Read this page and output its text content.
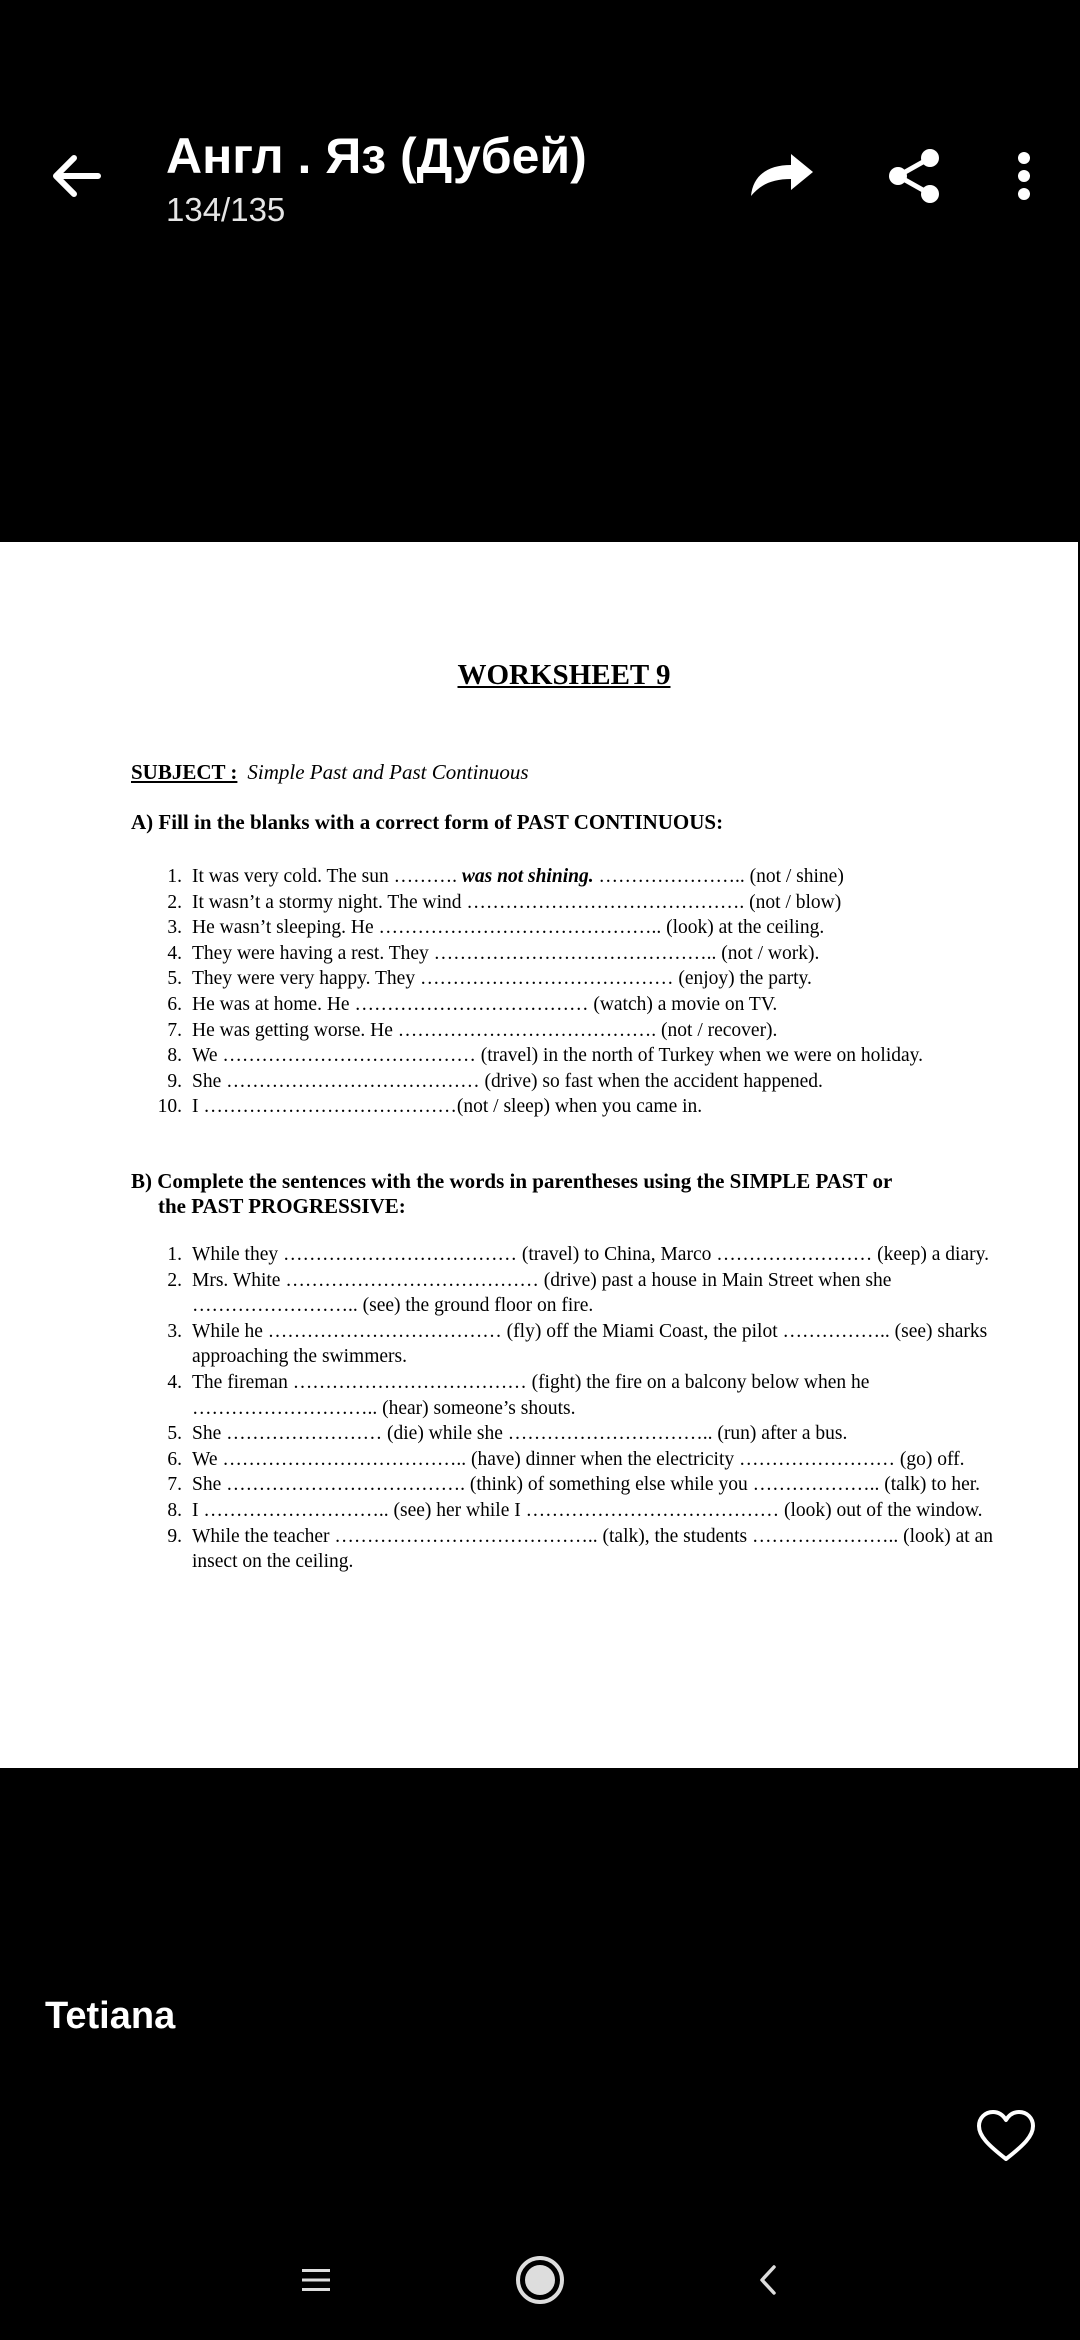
Англ . Яз (Дубей)
134/135
WORKSHEET 9
SUBJECT : Simple Past and Past Continuous
A) Fill in the blanks with a correct form of PAST CONTINUOUS:
1. It was very cold. The sun ………. was not shining. ………………….. (not / shine)
2. It wasn’t a stormy night. The wind ……………………………………. (not / blow)
3. He wasn’t sleeping. He …………………………………….. (look) at the ceiling.
4. They were having a rest. They …………………………………….. (not / work).
5. They were very happy. They ………………………………… (enjoy) the party.
6. He was at home. He ……………………………… (watch) a movie on TV.
7. He was getting worse. He …………………………………. (not / recover).
8. We ………………………………… (travel) in the north of Turkey when we were on holiday.
9. She ………………………………… (drive) so fast when the accident happened.
10. I …………………………………(not / sleep) when you came in.
B) Complete the sentences with the words in parentheses using the SIMPLE PAST or
the PAST PROGRESSIVE:
1. While they ……………………………… (travel) to China, Marco …………………… (keep) a diary.
2. Mrs. White ………………………………… (drive) past a house in Main Street when she …………………….. (see) the ground floor on fire.
3. While he ……………………………… (fly) off the Miami Coast, the pilot …………….. (see) sharks approaching the swimmers.
4. The fireman ……………………………… (fight) the fire on a balcony below when he ……………………….. (hear) someone’s shouts.
5. She …………………… (die) while she ………………………….. (run) after a bus.
6. We ……………………………….. (have) dinner when the electricity …………………… (go) off.
7. She ………………………………. (think) of something else while you ……………….. (talk) to her.
8. I ……………………….. (see) her while I ………………………………… (look) out of the window.
9. While the teacher ………………………………….. (talk), the students ………………….. (look) at an insect on the ceiling.
Tetiana
